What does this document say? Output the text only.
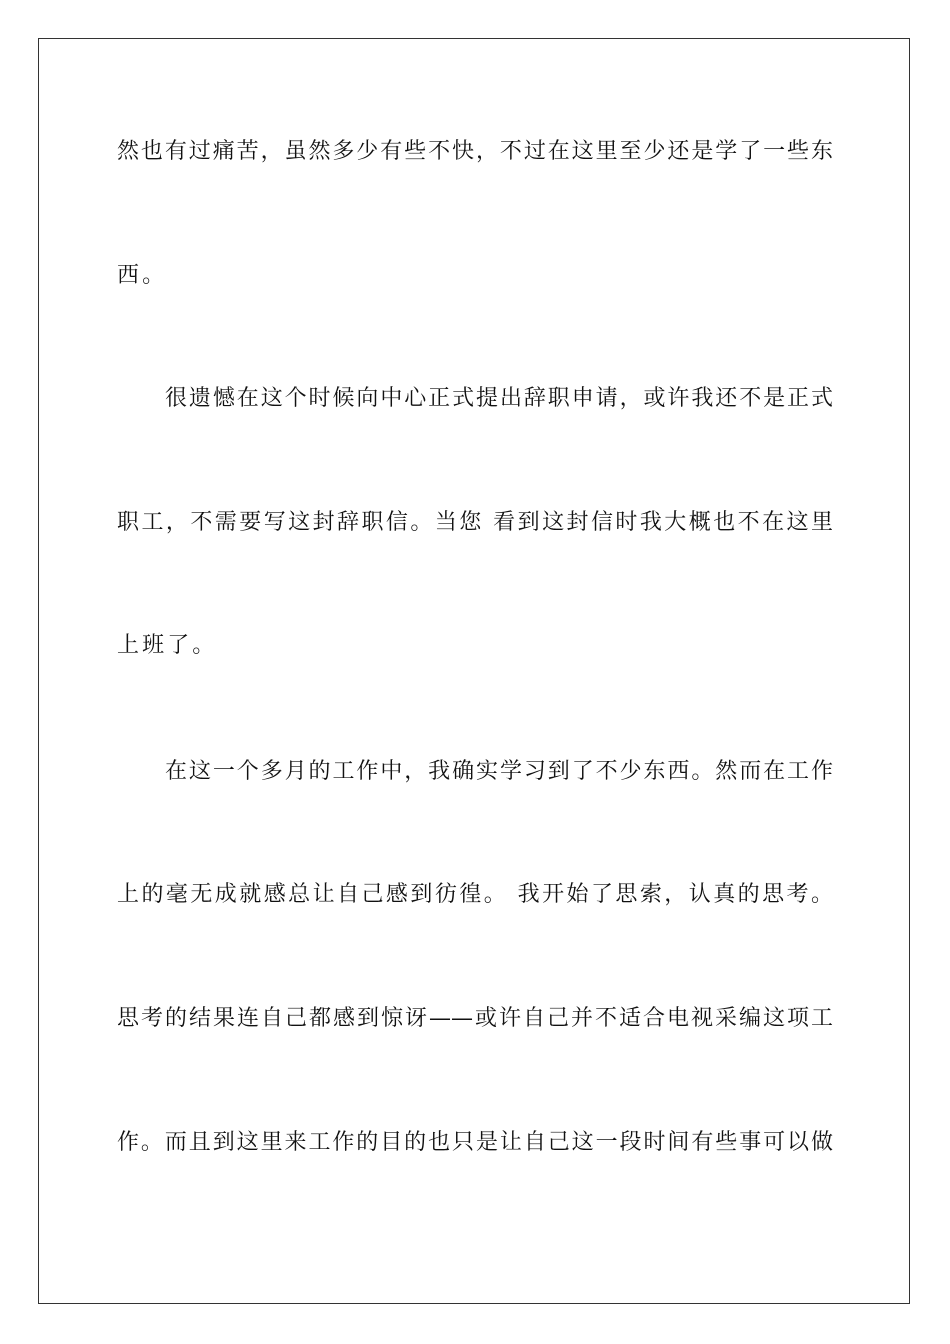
然也有过痛苦，虽然多少有些不快，不过在这里至少还是学了一些东
西。
很遗憾在这个时候向中心正式提出辞职申请，或许我还不是正式
职工，不需要写这封辞职信。当您 看到这封信时我大概也不在这里
上班了。
在这一个多月的工作中，我确实学习到了不少东西。然而在工作
上的毫无成就感总让自己感到彷徨。 我开始了思索，认真的思考。
思考的结果连自己都感到惊讶——或许自己并不适合电视采编这项工
作。而且到这里来工作的目的也只是让自己这一段时间有些事可以做
